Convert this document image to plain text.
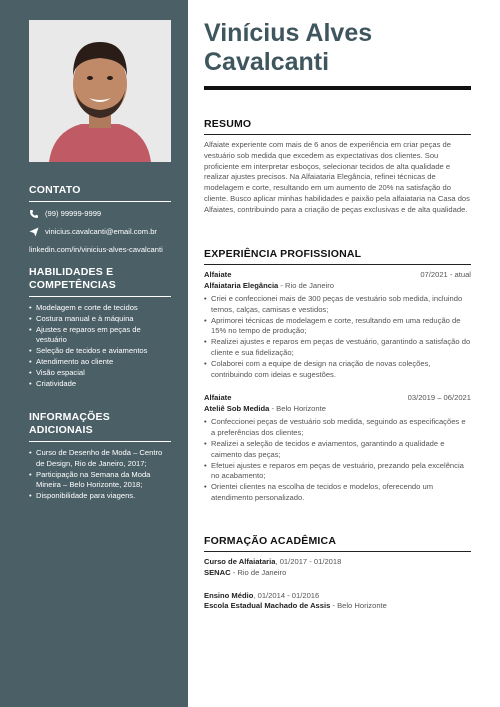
CONTATO
(99) 99999-9999
vinicius.cavalcanti@email.com.br
linkedin.com/in/vinicius-alves-cavalcanti
HABILIDADES E COMPETÊNCIAS
• Modelagem e corte de tecidos
• Costura manual e à máquina
• Ajustes e reparos em peças de vestuário
• Seleção de tecidos e aviamentos
• Atendimento ao cliente
• Visão espacial
• Criatividade
INFORMAÇÕES ADICIONAIS
• Curso de Desenho de Moda – Centro de Design, Rio de Janeiro, 2017;
• Participação na Semana da Moda Mineira – Belo Horizonte, 2018;
• Disponibilidade para viagens.
Vinícius Alves Cavalcanti
RESUMO

Alfaiate experiente com mais de 6 anos de experiência em criar peças de vestuário sob medida que excedem as expectativas dos clientes. Sou proficiente em interpretar esboços, selecionar tecidos de alta qualidade e realizar ajustes precisos. Na Alfaiataria Elegância, refinei técnicas de modelagem e corte, resultando em um aumento de 20% na satisfação do cliente. Busco aplicar minhas habilidades e paixão pela alfaiataria na Casa dos Alfaiates, contribuindo para a criação de peças exclusivas e de alta qualidade.

EXPERIÊNCIA PROFISSIONAL
Alfaiate	07/2021 - atual
Alfaiataria Elegância - Rio de Janeiro
• Criei e confeccionei mais de 300 peças de vestuário sob medida, incluindo ternos, calças, camisas e vestidos;
• Aprimorei técnicas de modelagem e corte, resultando em uma redução de 15% no tempo de produção;
• Realizei ajustes e reparos em peças de vestuário, garantindo a satisfação do cliente e sua fidelização;
• Colaborei com a equipe de design na criação de novas coleções, contribuindo com ideias e sugestões.
Alfaiate	03/2019 – 06/2021
Ateliê Sob Medida - Belo Horizonte
• Confeccionei peças de vestuário sob medida, seguindo as especificações e a preferências dos clientes;
• Realizei a seleção de tecidos e aviamentos, garantindo a qualidade e caimento das peças;
• Efetuei ajustes e reparos em peças de vestuário, prezando pela excelência no acabamento;
• Orientei clientes na escolha de tecidos e modelos, oferecendo um atendimento personalizado.
FORMAÇÃO ACADÊMICA
Curso de Alfaiataria, 01/2017 - 01/2018
SENAC - Rio de Janeiro
Ensino Médio, 01/2014 - 01/2016
Escola Estadual Machado de Assis - Belo Horizonte
